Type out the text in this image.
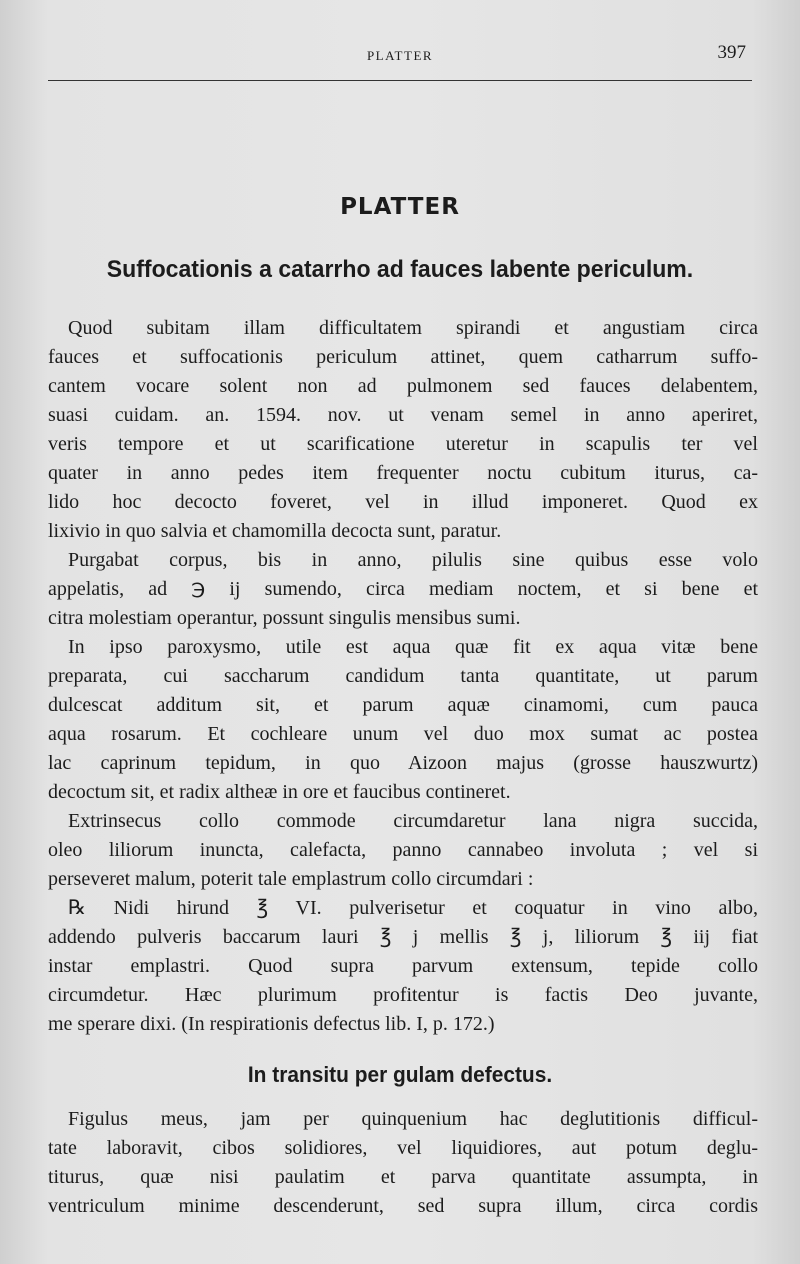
PLATTER	397
PLATTER
Suffocationis a catarrho ad fauces labente periculum.
Quod subitam illam difficultatem spirandi et angustiam circa
fauces et suffocationis periculum attinet, quem catharrum suffo-
cantem vocare solent non ad pulmonem sed fauces delabentem,
suasi cuidam. an. 1594. nov. ut venam semel in anno aperiret,
veris tempore et ut scarificatione uteretur in scapulis ter vel
quater in anno pedes item frequenter noctu cubitum iturus, ca-
lido hoc decocto foveret, vel in illud imponeret. Quod ex
lixivio in quo salvia et chamomilla decocta sunt, paratur.
Purgabat corpus, bis in anno, pilulis sine quibus esse volo
appelatis, ad ℈ ij sumendo, circa mediam noctem, et si bene et
citra molestiam operantur, possunt singulis mensibus sumi.
In ipso paroxysmo, utile est aqua quæ fit ex aqua vitæ bene
preparata, cui saccharum candidum tanta quantitate, ut parum
dulcescat additum sit, et parum aquæ cinamomi, cum pauca
aqua rosarum. Et cochleare unum vel duo mox sumat ac postea
lac caprinum tepidum, in quo Aizoon majus (grosse hauszwurtz)
decoctum sit, et radix altheæ in ore et faucibus contineret.
Extrinsecus collo commode circumdaretur lana nigra succida,
oleo liliorum inuncta, calefacta, panno cannabeo involuta ; vel si
perseveret malum, poterit tale emplastrum collo circumdari :
℞ Nidi hirund ℥ VI. pulverisetur et coquatur in vino albo,
addendo pulveris baccarum lauri ℥ j mellis ℥ j, liliorum ℥ iij fiat
instar emplastri. Quod supra parvum extensum, tepide collo
circumdetur. Hæc plurimum profitentur is factis Deo juvante,
me sperare dixi. (In respirationis defectus lib. I, p. 172.)
In transitu per gulam defectus.
Figulus meus, jam per quinquenium hac deglutitionis difficul-
tate laboravit, cibos solidiores, vel liquidiores, aut potum deglu-
titurus, quæ nisi paulatim et parva quantitate assumpta, in
ventriculum minime descenderunt, sed supra illum, circa cordis
